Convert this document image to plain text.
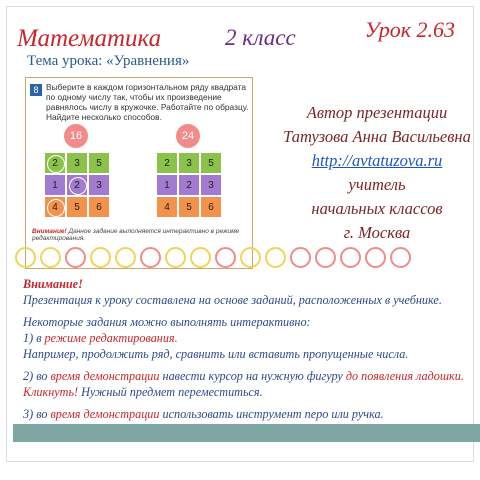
Математика	2 класс	Урок 2.63
Тема урока: «Уравнения»
8 Выберите в каждом горизонтальном ряду квадрата по одному числу так, чтобы их произведение равнялось числу в кружочке. Работайте по образцу. Найдите несколько способов.
16	24
2 3 5
1 2 3
4 5 6
2 3 5
1 2 3
4 5 6
Внимание! Данное задание выполняется интерактивно в режиме редактирования.
Автор презентации
Татузова Анна Васильевна
http://avtatuzova.ru
учитель
начальных классов
г. Москва

Внимание!

Презентация к уроку составлена на основе заданий, расположенных в учебнике.

Некоторые задания можно выполнять интерактивно:

1) в режиме редактирования.

Например, продолжить ряд, сравнить или вставить пропущенные числа.

2) во время демонстрации навести курсор на нужную фигуру до появления ладошки.

Кликнуть! Нужный предмет переместиться.

3) во время демонстрации использовать инструмент перо или ручка.
